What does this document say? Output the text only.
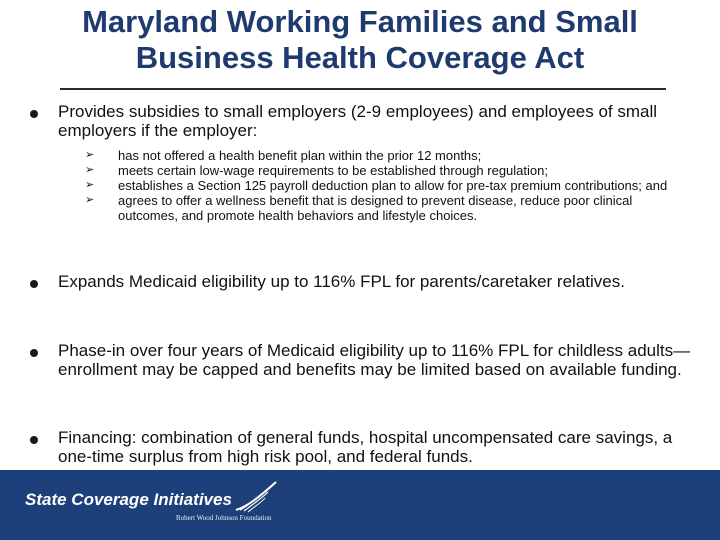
Maryland Working Families and Small
Business Health Coverage Act
Provides subsidies to small employers (2-9 employees) and employees of small employers if the employer:
➢ has not offered a health benefit plan within the prior 12 months;
➢ meets certain low-wage requirements to be established through regulation;
➢ establishes a Section 125 payroll deduction plan to allow for pre-tax premium contributions; and
➢ agrees to offer a wellness benefit that is designed to prevent disease, reduce poor clinical outcomes, and promote health behaviors and lifestyle choices.
Expands Medicaid eligibility up to 116% FPL for parents/caretaker relatives.
Phase-in over four years of Medicaid eligibility up to 116% FPL for childless adults—enrollment may be capped and benefits may be limited based on available funding.
Financing: combination of general funds, hospital uncompensated care savings, a one-time surplus from high risk pool, and federal funds.
State Coverage Initiatives
Robert Wood Johnson Foundation
